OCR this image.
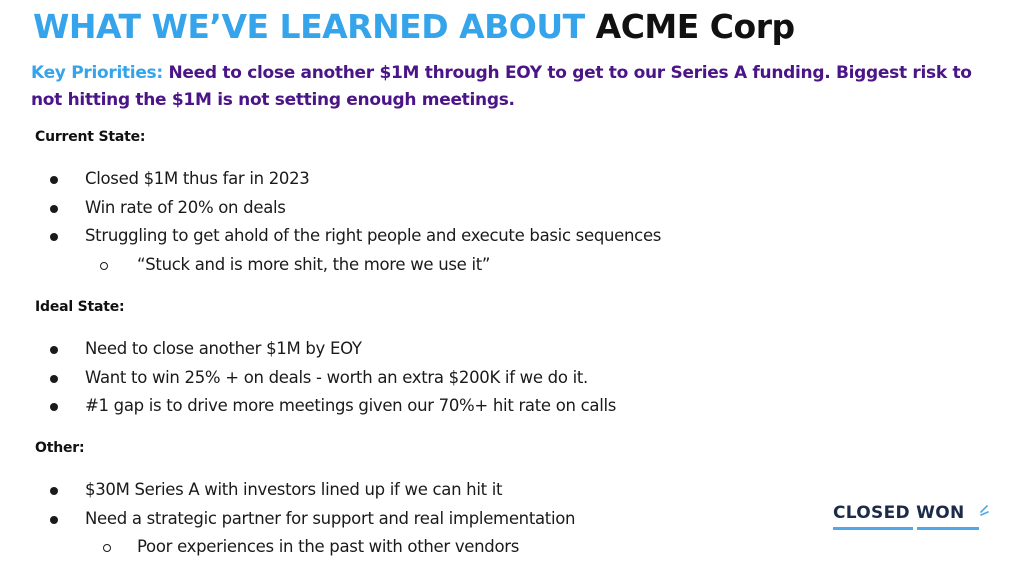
WHAT WE’VE LEARNED ABOUT ACME Corp
Key Priorities: Need to close another $1M through EOY to get to our Series A funding. Biggest risk to not hitting the $1M is not setting enough meetings.
Current State:
Closed $1M thus far in 2023
Win rate of 20% on deals
Struggling to get ahold of the right people and execute basic sequences
“Stuck and is more shit, the more we use it”
Ideal State:
Need to close another $1M by EOY
Want to win 25% + on deals - worth an extra $200K if we do it.
#1 gap is to drive more meetings given our 70%+ hit rate on calls
Other:
$30M Series A with investors lined up if we can hit it
Need a strategic partner for support and real implementation
Poor experiences in the past with other vendors
CLOSED WON
